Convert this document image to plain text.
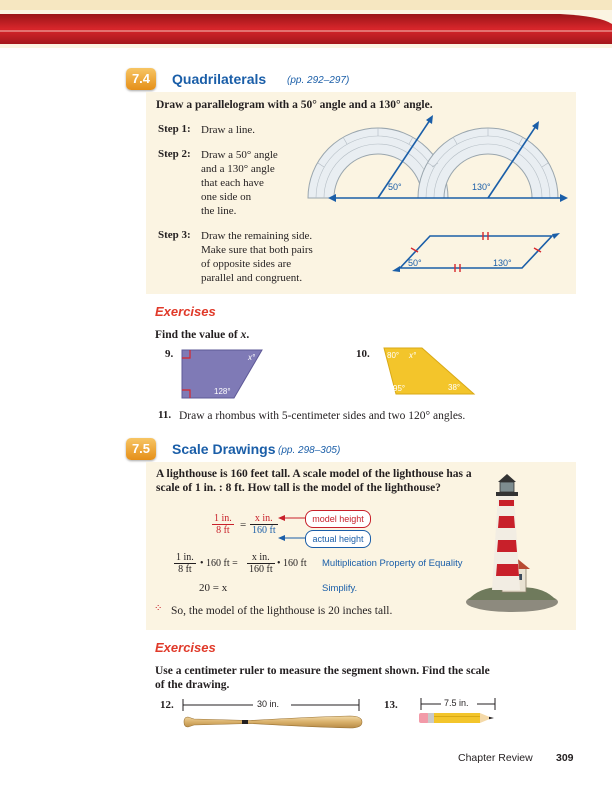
7.4	Quadrilaterals (pp. 292–297)
Draw a parallelogram with a 50° angle and a 130° angle.
Step 1: Draw a line.
Step 2: Draw a 50° angle
and a 130° angle
that each have
one side on
the line.
Step 3: Draw the remaining side.
Make sure that both pairs
of opposite sides are
parallel and congruent.
50°	130°
50°	130°
Exercises
Find the value of x.
9.	x°
128°
10. 80° x°
95°	38°
11. Draw a rhombus with 5-centimeter sides and two 120° angles.
7.5	Scale Drawings (pp. 298–305)
A lighthouse is 160 feet tall. A scale model of the lighthouse has a
scale of 1 in. : 8 ft. How tall is the model of the lighthouse?
$\frac{1 in.}{8 ft} = \frac{\text{x in.}}{160 ft}$	model height
actual height
$\frac{1 in.}{8 ft}$ • 160 ft = $\frac{\text{x in.}}{160 ft}$ • 160 ft Multiplication Property of Equality
20 = x	Simplify.
⁘ So, the model of the lighthouse is 20 inches tall.
Exercises
Use a centimeter ruler to measure the segment shown. Find the scale
of the drawing.
12.	30 in.	13.	7.5 in.
Chapter Review 309
